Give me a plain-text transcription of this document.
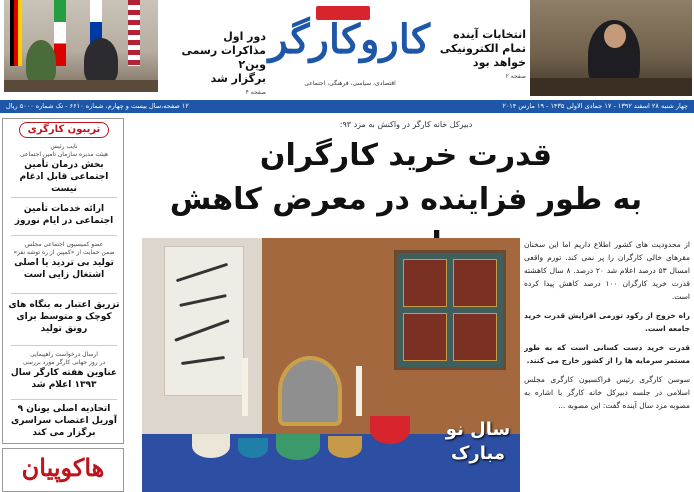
دور اول
مذاکرات رسمی وین۲
برگزار شد
صفحه ۴
کاروکارگر
اقتصادی، سیاسی، فرهنگی، اجتماعی
انتخابات آینده
تمام الکترونیکی
خواهد بود
صفحه ۲
چهار شنبه ۲۸ اسفند ۱۳۹۲ - ۱۷ جمادی الاولی ۱۴۳۵ - ۱۹ مارس ۲۰۱۴
۱۲ صفحه،سال بیست و چهارم، شماره ۶۶۱۰ - تک شماره ۵۰۰۰ ریال
تریبون کارگری
نایب رئیس
هیئت مدیره سازمان تامین اجتماعی
بخش درمان تأمین اجتماعی قابل ادغام نیست
ارائه خدمات تأمین اجتماعی در ایام نوروز
عضو کمیسیون اجتماعی مجلس
ضمن حمایت از «کمپین از ره توشه نفر»
تولید بی تردید یا اصلی اشتغال زایی است
تزریق اعتبار به بنگاه های کوچک و متوسط برای رونق تولید
ارسال درخواست راهپیمایی
در روز جهانی کارگر مورد بررسی
عناوین هفته کارگر سال ۱۳۹۳ اعلام شد
اتحادیه اصلی یونان ۹ آوریل اعتصاب سراسری برگزار می کند
هاکوپیان
دبیرکل خانه کارگر در واکنش به مزد ۹۳:
قدرت خرید کارگران
به طور فزاینده در معرض کاهش
سال نو
مبارک

از محدودیت های کشور اطلاع داریم اما این سخنان مقرهای خالی کارگران را پر نمی کند. تورم واقعی امسال ۵۳ درصد اعلام شد ۲۰ درصد. ۸ سال کاهشته قدرت خرید کارگران ۱۰۰ درصد کاهش پیدا کرده است.

راه خروج از رکود تورمی افزایش قدرت خرید جامعه است.

قدرت خرید دست کسانی است که به طور مستمر سرمایه ها را از کشور خارج می کنند.

سوسن کارگری رئیس فراکسیون کارگری مجلس اسلامی در جلسه دبیرکل خانه کارگر با اشاره به مصوبه مزد سال آینده گفت: این مصوبه ...
